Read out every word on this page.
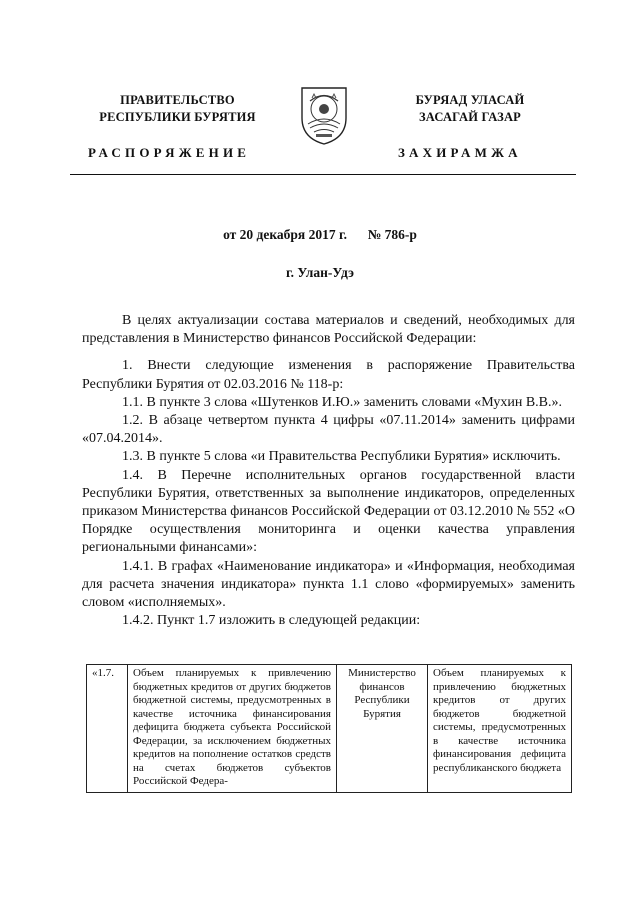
ПРАВИТЕЛЬСТВО
РЕСПУБЛИКИ БУРЯТИЯ
БУРЯАД УЛАСАЙ
ЗАСАГАЙ ГАЗАР
РАСПОРЯЖЕНИЕ	ЗАХИРАМЖА
от 20 декабря 2017 г. № 786-р
г. Улан-Удэ

В целях актуализации состава материалов и сведений, необходимых для представления в Министерство финансов Российской Федерации:

1. Внести следующие изменения в распоряжение Правительства Республики Бурятия от 02.03.2016 № 118-р:

1.1. В пункте 3 слова «Шутенков И.Ю.» заменить словами «Мухин В.В.».

1.2. В абзаце четвертом пункта 4 цифры «07.11.2014» заменить цифрами «07.04.2014».

1.3. В пункте 5 слова «и Правительства Республики Бурятия» исключить.

1.4. В Перечне исполнительных органов государственной власти Республики Бурятия, ответственных за выполнение индикаторов, определенных приказом Министерства финансов Российской Федерации от 03.12.2010 № 552 «О Порядке осуществления мониторинга и оценки качества управления региональными финансами»:

1.4.1. В графах «Наименование индикатора» и «Информация, необходимая для расчета значения индикатора» пункта 1.1 слово «формируемых» заменить словом «исполняемых».

1.4.2. Пункт 1.7 изложить в следующей редакции:

«1.7.	Объем планируемых к привлечению бюджетных кредитов от других бюджетов бюджетной системы, предусмотренных в качестве источника финансирования дефицита бюджета субъекта Российской Федерации, за исключением бюджетных кредитов на пополнение остатков средств на счетах бюджетов субъектов Российской Федера-	Министерство финансов Республики Бурятия	Объем планируемых к привлечению бюджетных кредитов от других бюджетов бюджетной системы, предусмотренных в качестве источника финансирования дефицита республиканского бюджета
